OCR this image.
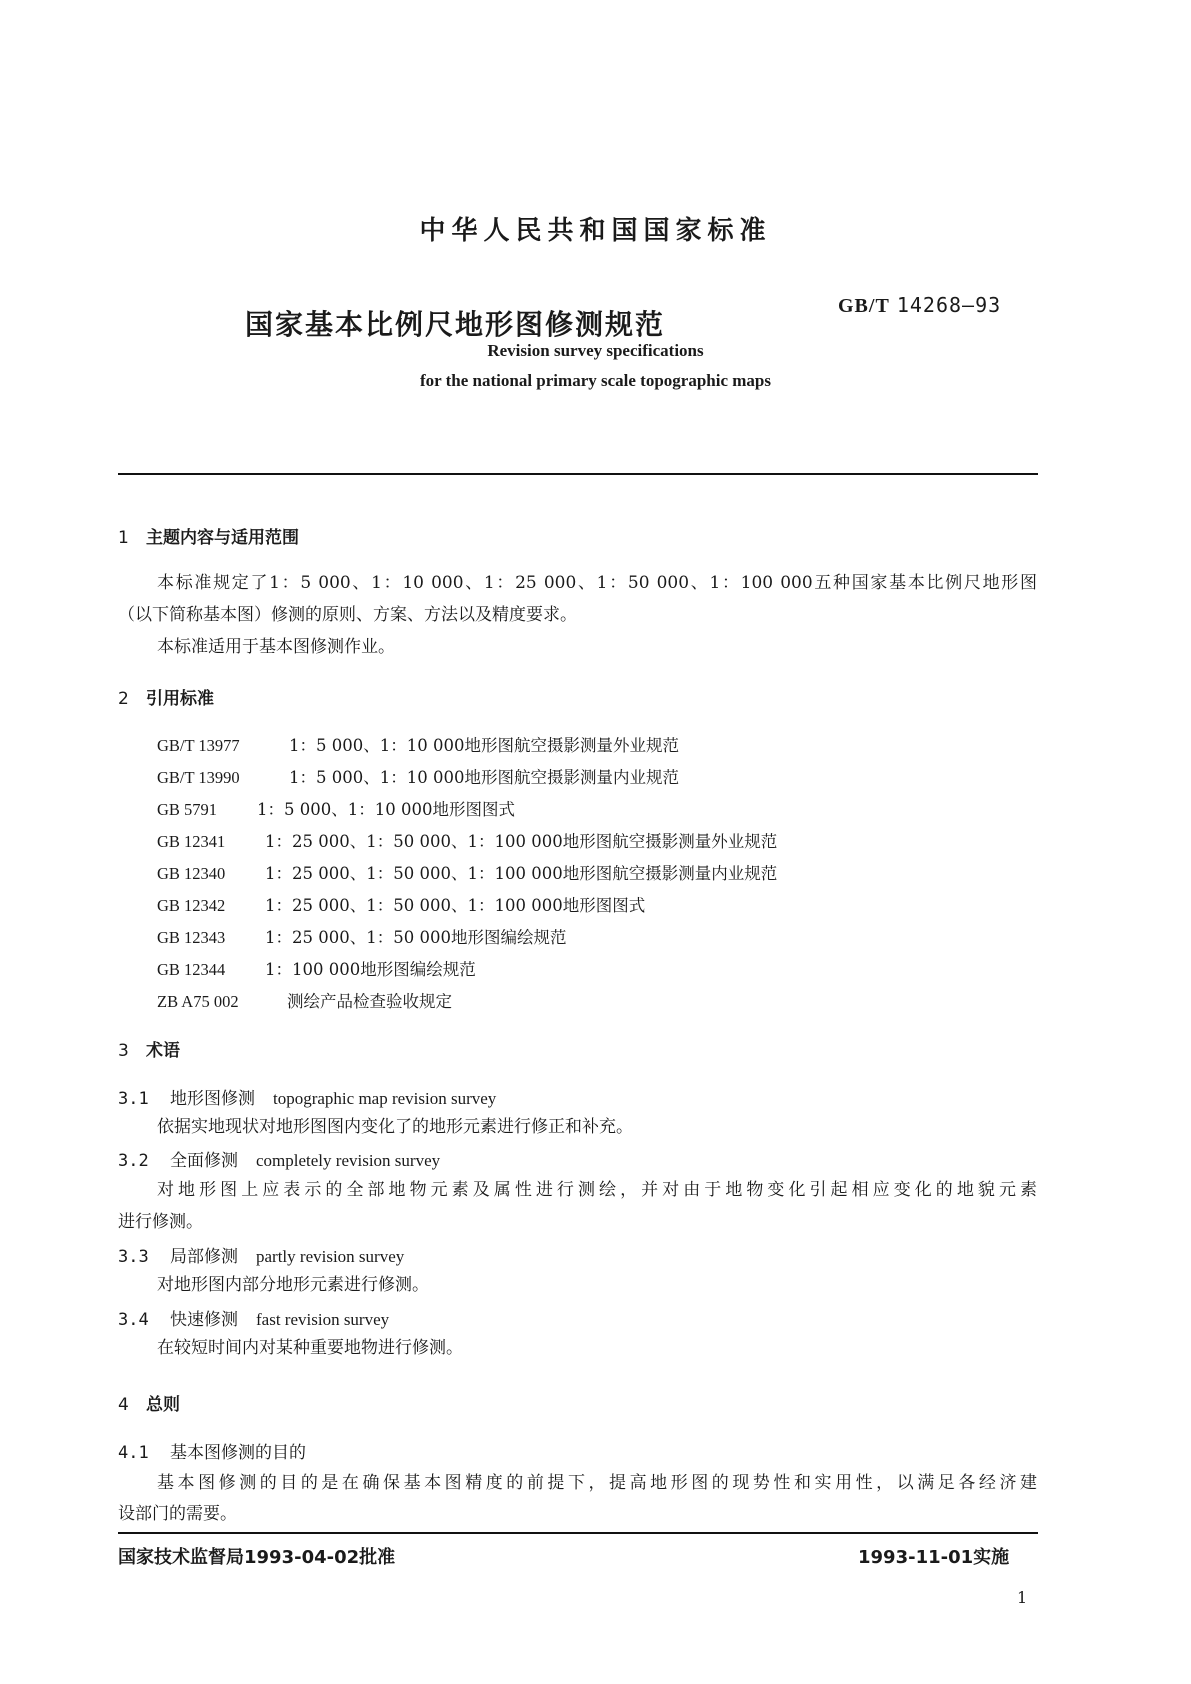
中华人民共和国国家标准
国家基本比例尺地形图修测规范
GB/T 14268—93
Revision survey specifications
for the national primary scale topographic maps
1 主题内容与适用范围
本标准规定了1：5 000、1：10 000、1：25 000、1：50 000、1：100 000五种国家基本比例尺地形图
（以下简称基本图）修测的原则、方案、方法以及精度要求。
本标准适用于基本图修测作业。
2 引用标准
GB/T 13977	1：5 000、1：10 000地形图航空摄影测量外业规范
GB/T 13990	1：5 000、1：10 000地形图航空摄影测量内业规范
GB 5791 1：5 000、1：10 000地形图图式
GB 12341 1：25 000、1：50 000、1：100 000地形图航空摄影测量外业规范
GB 12340 1：25 000、1：50 000、1：100 000地形图航空摄影测量内业规范
GB 12342 1：25 000、1：50 000、1：100 000地形图图式
GB 12343 1：25 000、1：50 000地形图编绘规范
GB 12344 1：100 000地形图编绘规范
ZB A75 002	测绘产品检查验收规定
3 术语
3.1 地形图修测 topographic map revision survey
依据实地现状对地形图图内变化了的地形元素进行修正和补充。
3.2 全面修测 completely revision survey
对地形图上应表示的全部地物元素及属性进行测绘，并对由于地物变化引起相应变化的地貌元素
进行修测。
3.3 局部修测 partly revision survey
对地形图内部分地形元素进行修测。
3.4 快速修测 fast revision survey
在较短时间内对某种重要地物进行修测。
4 总则
4.1 基本图修测的目的
基本图修测的目的是在确保基本图精度的前提下，提高地形图的现势性和实用性，以满足各经济建
设部门的需要。
国家技术监督局1993-04-02批准	1993-11-01实施
1
